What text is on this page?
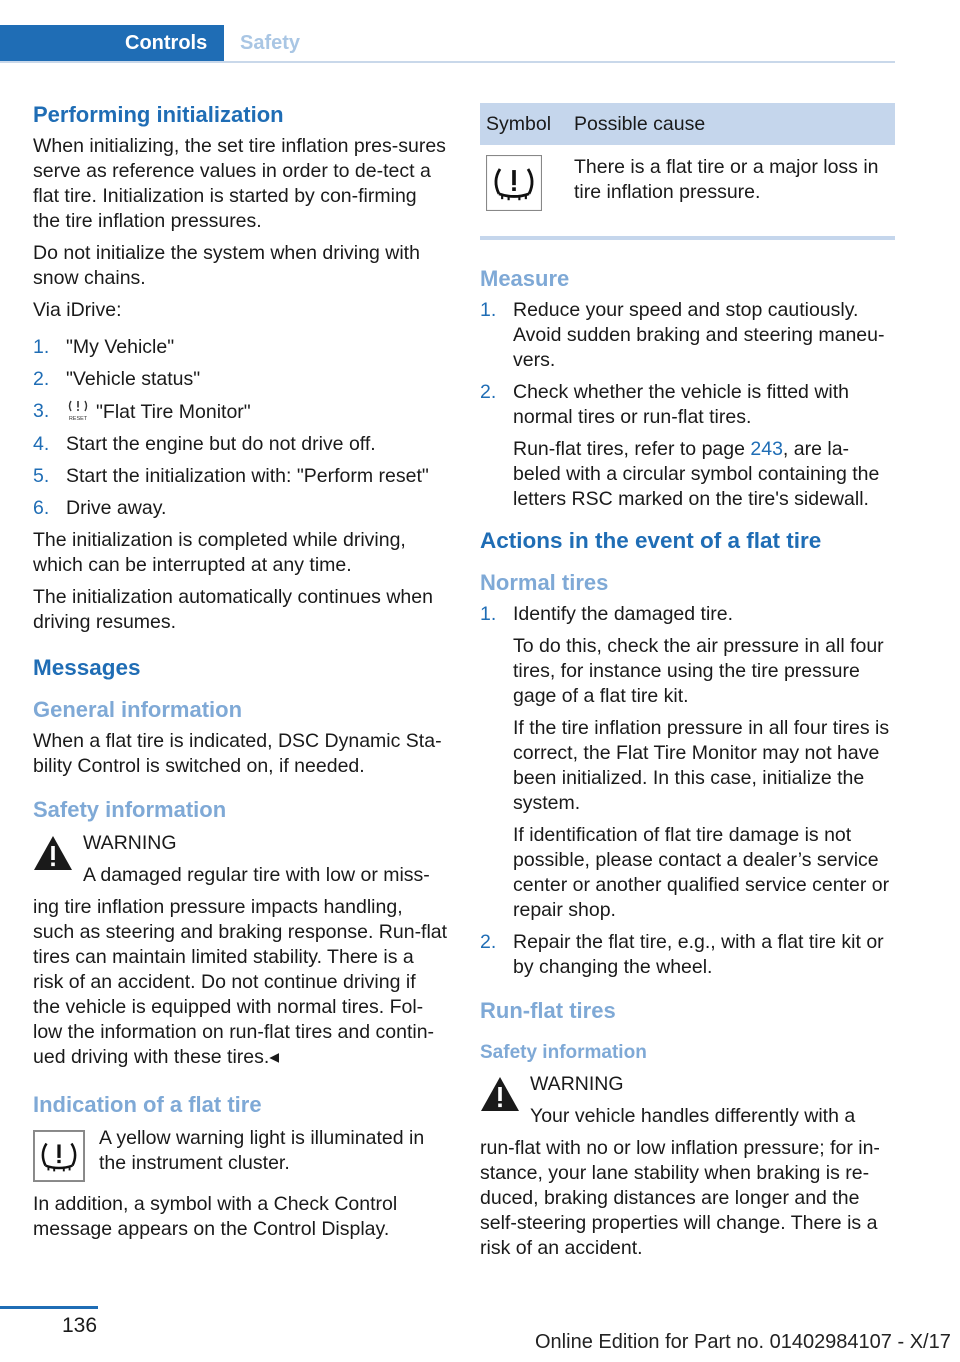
Controls Safety
Performing initialization

When initializing, the set tire inflation pres‐sures serve as reference values in order to de‐tect a flat tire. Initialization is started by con‐firming the tire inflation pressures.

Do not initialize the system when driving with snow chains.

Via iDrive:

1. "My Vehicle"
2. "Vehicle status"
3.	RESET "Flat Tire Monitor"
4. Start the engine but do not drive off.
5. Start the initialization with: "Perform reset"
6. Drive away.

The initialization is completed while driving, which can be interrupted at any time.

The initialization automatically continues when driving resumes.

Messages
General information

When a flat tire is indicated, DSC Dynamic Sta‐bility Control is switched on, if needed.

Safety information
WARNING
A damaged regular tire with low or miss‐

ing tire inflation pressure impacts handling, such as steering and braking response. Run-flat tires can maintain limited stability. There is a risk of an accident. Do not continue driving if the vehicle is equipped with normal tires. Fol‐low the information on run-flat tires and contin‐ued driving with these tires.◂

Indication of a flat tire

A yellow warning light is illuminated in the instrument cluster.

In addition, a symbol with a Check Control message appears on the Control Display.

Symbol	Possible cause
	There is a flat tire or a major loss in tire inflation pressure.
Measure
1. Reduce your speed and stop cautiously. Avoid sudden braking and steering maneu‐vers.

2. Check whether the vehicle is fitted with normal tires or run-flat tires.

Run-flat tires, refer to page 243, are la‐beled with a circular symbol containing the letters RSC marked on the tire's sidewall.

Actions in the event of a flat tire
Normal tires
1. Identify the damaged tire.

To do this, check the air pressure in all four tires, for instance using the tire pressure gage of a flat tire kit.

If the tire inflation pressure in all four tires is correct, the Flat Tire Monitor may not have been initialized. In this case, initialize the system.

If identification of flat tire damage is not possible, please contact a dealer’s service center or another qualified service center or repair shop.

2. Repair the flat tire, e.g., with a flat tire kit or by changing the wheel.

Run-flat tires
Safety information
WARNING
Your vehicle handles differently with a

run-flat with no or low inflation pressure; for in‐stance, your lane stability when braking is re‐duced, braking distances are longer and the self-steering properties will change. There is a risk of an accident.

136
Online Edition for Part no. 01402984107 - X/17
